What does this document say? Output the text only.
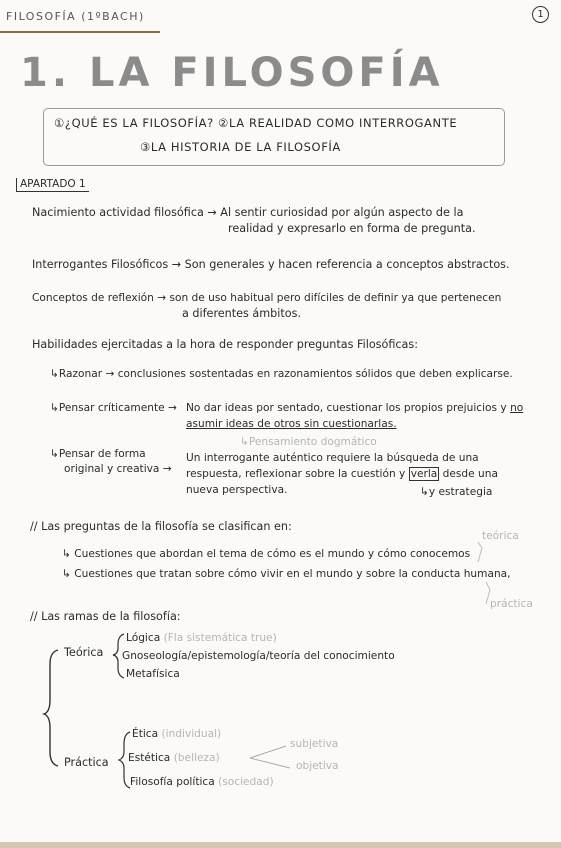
FILOSOFÍA (1ºBACH)	1
1. LA FILOSOFÍA
①¿QUÉ ES LA FILOSOFÍA? ②LA REALIDAD COMO INTERROGANTE
③LA HISTORIA DE LA FILOSOFÍA
APARTADO 1
Nacimiento actividad filosófica → Al sentir curiosidad por algún aspecto de la
realidad y expresarlo en forma de pregunta.
Interrogantes Filosóficos → Son generales y hacen referencia a conceptos abstractos.
Conceptos de reflexión → son de uso habitual pero difíciles de definir ya que pertenecen
a diferentes ámbitos.
Habilidades ejercitadas a la hora de responder preguntas Filosóficas:
↳Razonar → conclusiones sostentadas en razonamientos sólidos que deben explicarse.
↳Pensar críticamente → No dar ideas por sentado, cuestionar los propios prejuicios y no
asumir ideas de otros sin cuestionarlas.
↳Pensamiento dogmático
↳Pensar de forma
original y creativa →
Un interrogante auténtico requiere la búsqueda de una
respuesta, reflexionar sobre la cuestión y verla desde una
nueva perspectiva.	↳y estrategia
// Las preguntas de la filosofía se clasifican en:
↳ Cuestiones que abordan el tema de cómo es el mundo y cómo conocemos
↳ Cuestiones que tratan sobre cómo vivir en el mundo y sobre la conducta humana,
teórica
práctica
// Las ramas de la filosofía:
Teórica
Lógica (Fla sistemática true)
Gnoseología/epistemología/teoría del conocimiento
Metafísica
Práctica
Ética (individual)
Estética (belleza)
Filosofía política (sociedad)
subjetiva
objetiva
